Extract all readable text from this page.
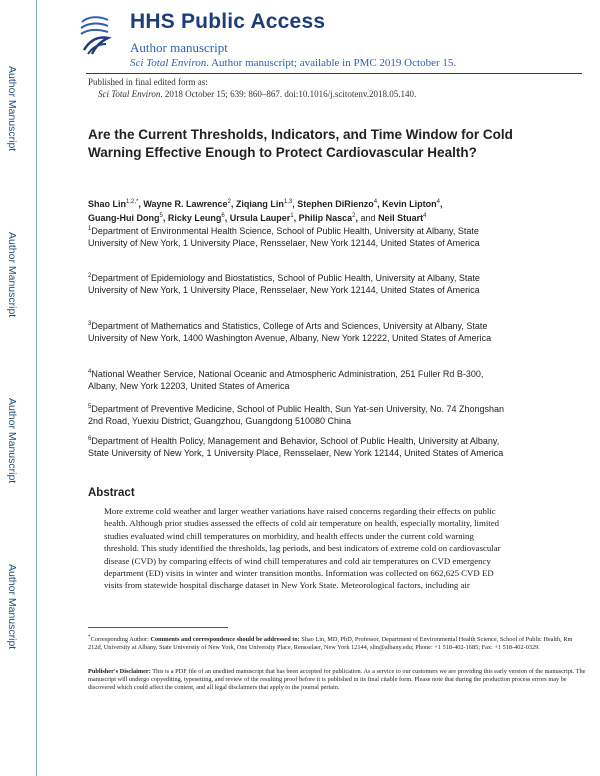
Author Manuscript
Author Manuscript
Author Manuscript
Author Manuscript
HHS Public Access
Author manuscript
Sci Total Environ. Author manuscript; available in PMC 2019 October 15.
Published in final edited form as:
Sci Total Environ. 2018 October 15; 639: 860–867. doi:10.1016/j.scitotenv.2018.05.140.
Are the Current Thresholds, Indicators, and Time Window for Cold Warning Effective Enough to Protect Cardiovascular Health?
Shao Lin$^{1,2,*}$, Wayne R. Lawrence$^2$, Ziqiang Lin$^{1,3}$, Stephen DiRienzo$^4$, Kevin Lipton$^4$,
Guang-Hui Dong$^5$, Ricky Leung$^6$, Ursula Lauper$^1$, Philip Nasca$^2$, and Neil Stuart$^4$
$^1$Department of Environmental Health Science, School of Public Health, University at Albany, State University of New York, 1 University Place, Rensselaer, New York 12144, United States of America
$^2$Department of Epidemiology and Biostatistics, School of Public Health, University at Albany, State University of New York, 1 University Place, Rensselaer, New York 12144, United States of America
$^3$Department of Mathematics and Statistics, College of Arts and Sciences, University at Albany, State University of New York, 1400 Washington Avenue, Albany, New York 12222, United States of America
$^4$National Weather Service, National Oceanic and Atmospheric Administration, 251 Fuller Rd B-300, Albany, New York 12203, United States of America
$^5$Department of Preventive Medicine, School of Public Health, Sun Yat-sen University, No. 74 Zhongshan 2nd Road, Yuexiu District, Guangzhou, Guangdong 510080 China
$^6$Department of Health Policy, Management and Behavior, School of Public Health, University at Albany, State University of New York, 1 University Place, Rensselaer, New York 12144, United States of America
Abstract
More extreme cold weather and larger weather variations have raised concerns regarding their effects on public health. Although prior studies assessed the effects of cold air temperature on health, especially mortality, limited studies evaluated wind chill temperatures on morbidity, and health effects under the current cold warning threshold. This study identified the thresholds, lag periods, and best indicators of extreme cold on cardiovascular disease (CVD) by comparing effects of wind chill temperatures and cold air temperatures on CVD emergency department (ED) visits in winter and winter transition months. Information was collected on 662,625 CVD ED visits from statewide hospital discharge dataset in New York State. Meteorological factors, including air
*Corresponding Author: Comments and correspondence should be addressed to: Shao Lin, MD, PhD, Professor, Department of Environmental Health Science, School of Public Health, Rm 212d, University at Albany, State University of New York, One University Place, Rensselaer, New York 12144, slin@albany.edu; Phone: +1 518-402-1685; Fax: +1 518-402-0329.
Publisher's Disclaimer: This is a PDF file of an unedited manuscript that has been accepted for publication. As a service to our customers we are providing this early version of the manuscript. The manuscript will undergo copyediting, typesetting, and review of the resulting proof before it is published in its final citable form. Please note that during the production process errors may be discovered which could affect the content, and all legal disclaimers that apply to the journal pertain.
